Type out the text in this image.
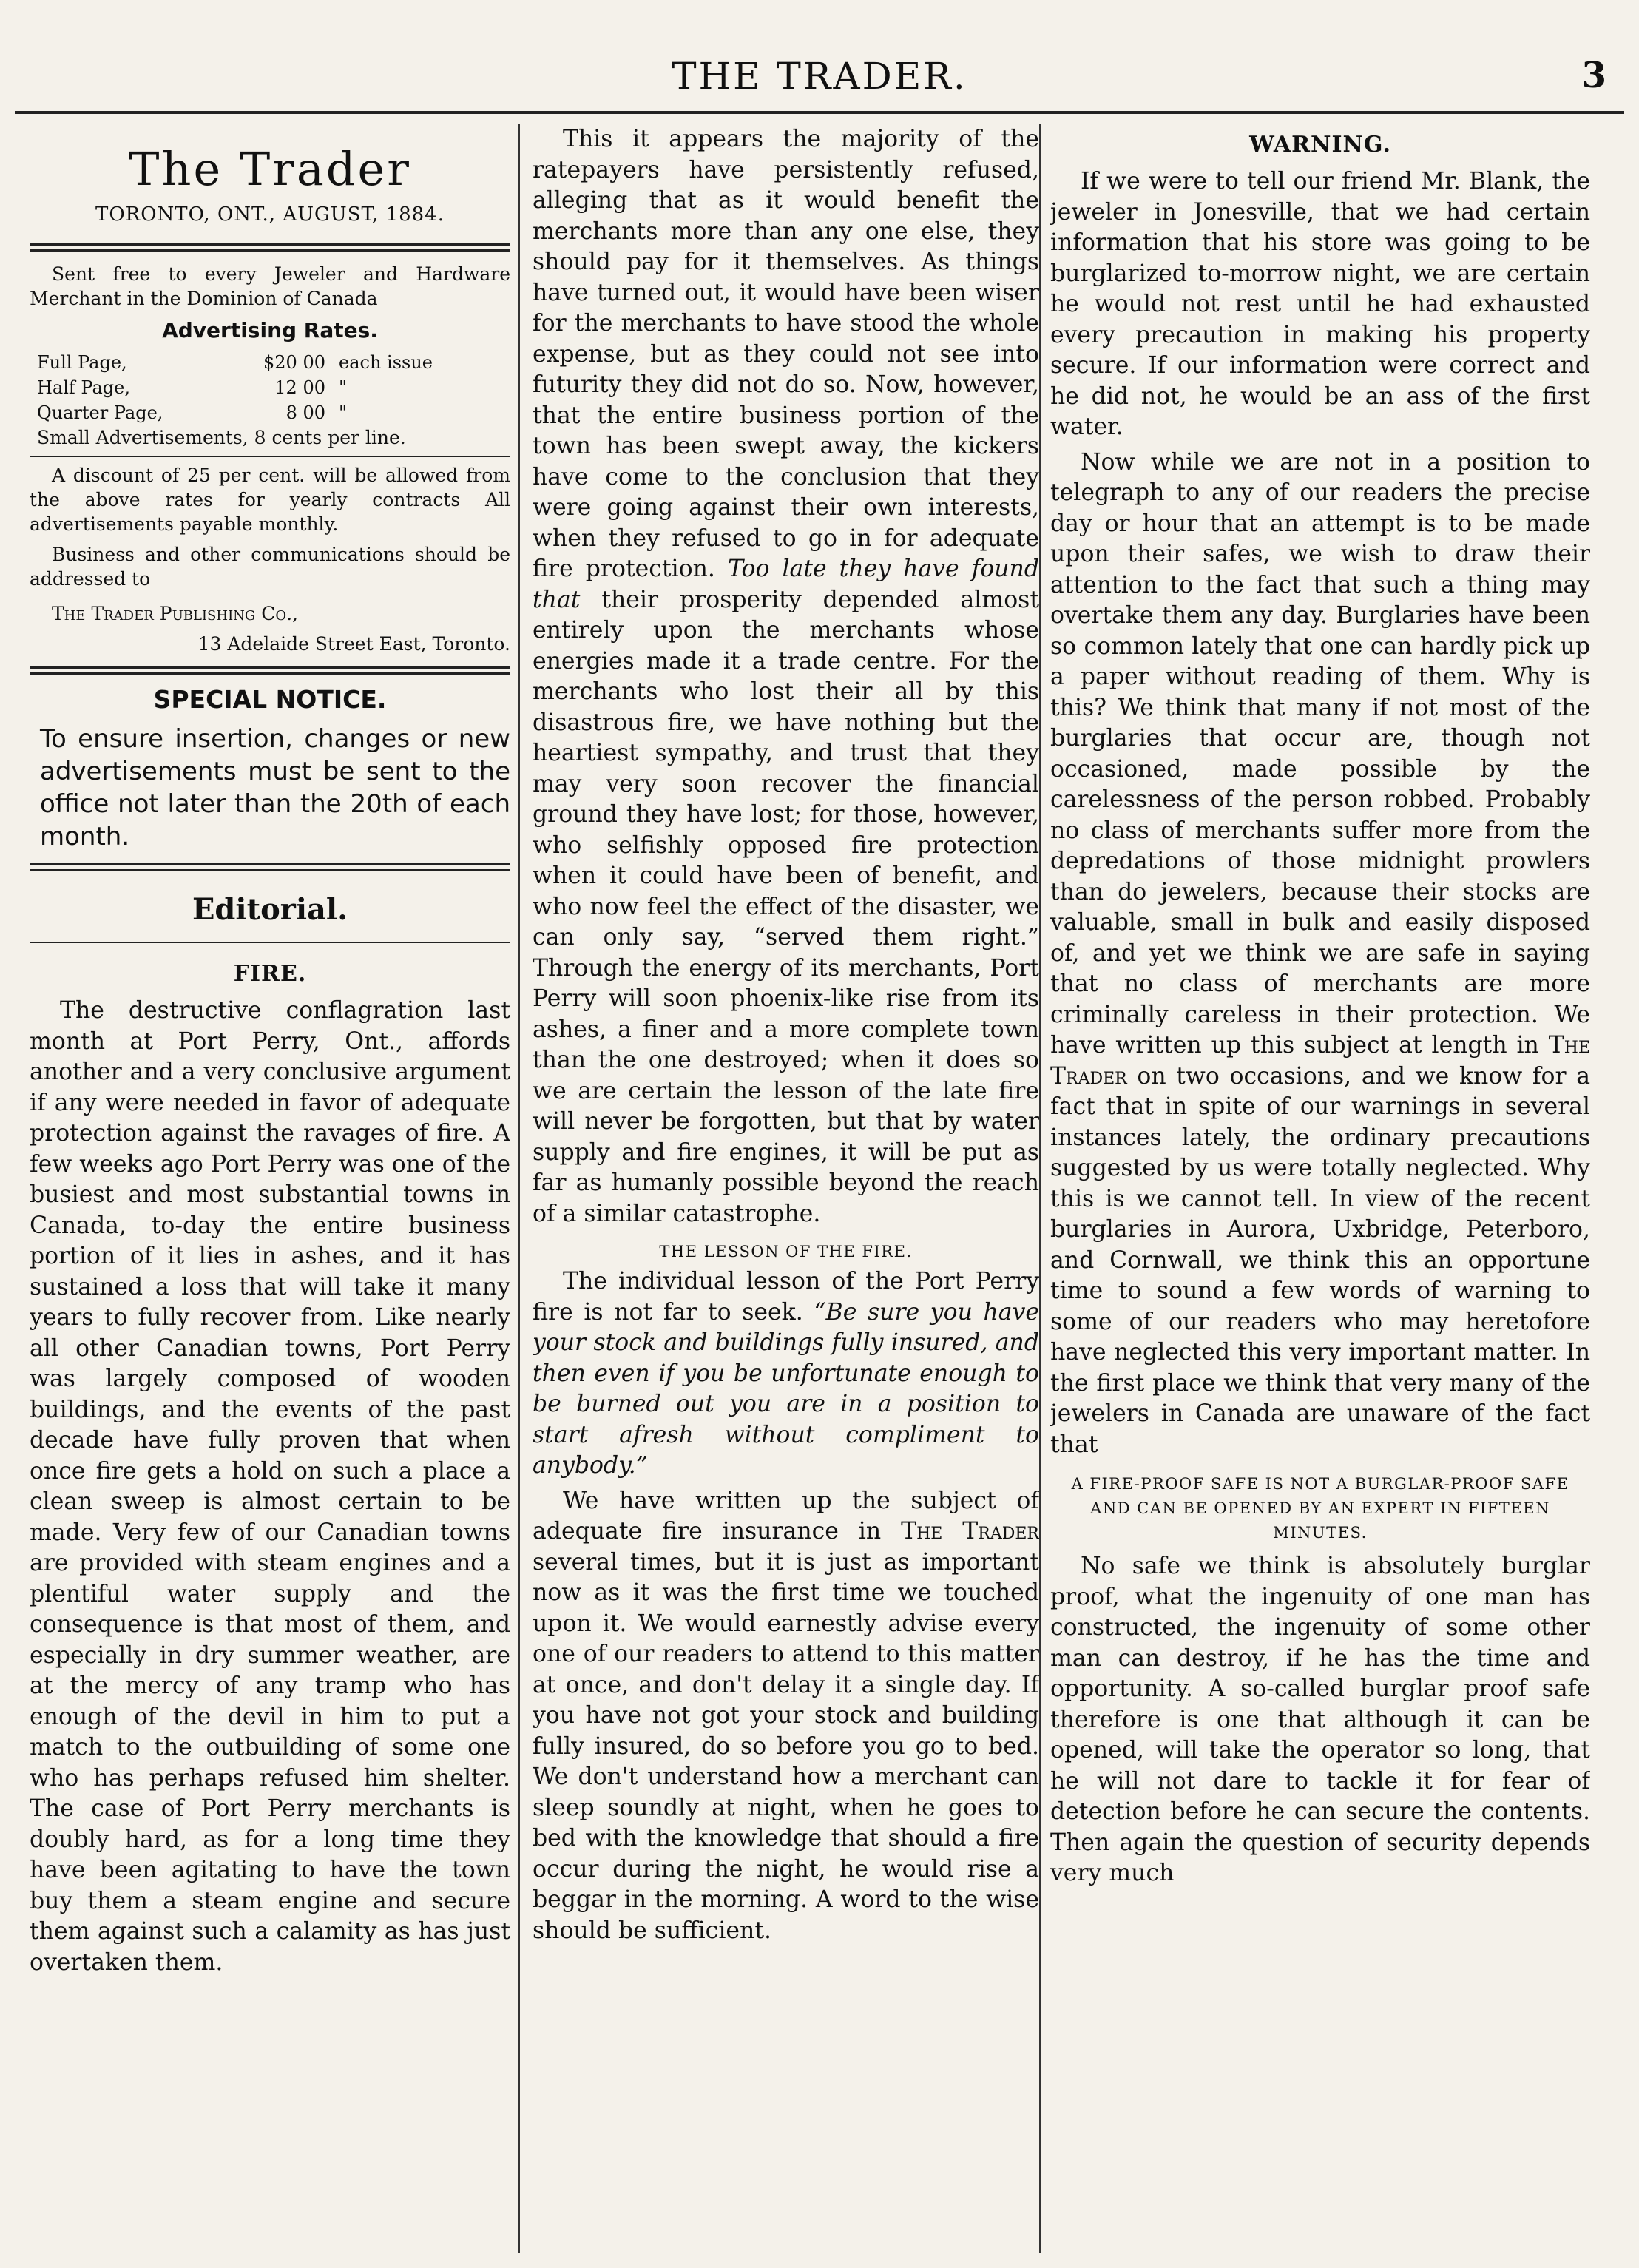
THE TRADER.	3
The Trader
TORONTO, ONT., AUGUST, 1884.
Sent free to every Jeweler and Hardware Merchant in the Dominion of Canada
Advertising Rates.
Full Page,	$20 00 each issue
Half Page,	12 00 "
Quarter Page,	8 00 "
Small Advertisements, 8 cents per line.
A discount of 25 per cent. will be allowed from the above rates for yearly contracts All advertisements payable monthly.
Business and other communications should be addressed to
The Trader Publishing Co.,
13 Adelaide Street East, Toronto.
SPECIAL NOTICE.
To ensure insertion, changes or new advertisements must be sent to the office not later than the 20th of each month.
Editorial.
FIRE.

The destructive conflagration last month at Port Perry, Ont., affords another and a very conclusive argument if any were needed in favor of adequate protection against the ravages of fire. A few weeks ago Port Perry was one of the busiest and most substantial towns in Canada, to-day the entire business portion of it lies in ashes, and it has sustained a loss that will take it many years to fully recover from. Like nearly all other Canadian towns, Port Perry was largely composed of wooden buildings, and the events of the past decade have fully proven that when once fire gets a hold on such a place a clean sweep is almost certain to be made. Very few of our Canadian towns are provided with steam engines and a plentiful water supply and the consequence is that most of them, and especially in dry summer weather, are at the mercy of any tramp who has enough of the devil in him to put a match to the outbuilding of some one who has perhaps refused him shelter. The case of Port Perry merchants is doubly hard, as for a long time they have been agitating to have the town buy them a steam engine and secure them against such a calamity as has just overtaken them.

This it appears the majority of the ratepayers have persistently refused, alleging that as it would benefit the merchants more than any one else, they should pay for it themselves. As things have turned out, it would have been wiser for the merchants to have stood the whole expense, but as they could not see into futurity they did not do so. Now, however, that the entire business portion of the town has been swept away, the kickers have come to the conclusion that they were going against their own interests, when they refused to go in for adequate fire protection. Too late they have found that their prosperity depended almost entirely upon the merchants whose energies made it a trade centre. For the merchants who lost their all by this disastrous fire, we have nothing but the heartiest sympathy, and trust that they may very soon recover the financial ground they have lost; for those, however, who selfishly opposed fire protection when it could have been of benefit, and who now feel the effect of the disaster, we can only say, “served them right.” Through the energy of its merchants, Port Perry will soon phoenix-like rise from its ashes, a finer and a more complete town than the one destroyed; when it does so we are certain the lesson of the late fire will never be forgotten, but that by water supply and fire engines, it will be put as far as humanly possible beyond the reach of a similar catastrophe.

THE LESSON OF THE FIRE.

The individual lesson of the Port Perry fire is not far to seek. “Be sure you have your stock and buildings fully insured, and then even if you be unfortunate enough to be burned out you are in a position to start afresh without compliment to anybody.”

We have written up the subject of adequate fire insurance in The Trader several times, but it is just as important now as it was the first time we touched upon it. We would earnestly advise every one of our readers to attend to this matter at once, and don't delay it a single day. If you have not got your stock and building fully insured, do so before you go to bed. We don't understand how a merchant can sleep soundly at night, when he goes to bed with the knowledge that should a fire occur during the night, he would rise a beggar in the morning. A word to the wise should be sufficient.

WARNING.

If we were to tell our friend Mr. Blank, the jeweler in Jonesville, that we had certain information that his store was going to be burglarized to-morrow night, we are certain he would not rest until he had exhausted every precaution in making his property secure. If our information were correct and he did not, he would be an ass of the first water.

Now while we are not in a position to telegraph to any of our readers the precise day or hour that an attempt is to be made upon their safes, we wish to draw their attention to the fact that such a thing may overtake them any day. Burglaries have been so common lately that one can hardly pick up a paper without reading of them. Why is this? We think that many if not most of the burglaries that occur are, though not occasioned, made possible by the carelessness of the person robbed. Probably no class of merchants suffer more from the depredations of those midnight prowlers than do jewelers, because their stocks are valuable, small in bulk and easily disposed of, and yet we think we are safe in saying that no class of merchants are more criminally careless in their protection. We have written up this subject at length in The Trader on two occasions, and we know for a fact that in spite of our warnings in several instances lately, the ordinary precautions suggested by us were totally neglected. Why this is we cannot tell. In view of the recent burglaries in Aurora, Uxbridge, Peterboro, and Cornwall, we think this an opportune time to sound a few words of warning to some of our readers who may heretofore have neglected this very important matter. In the first place we think that very many of the jewelers in Canada are unaware of the fact that

A FIRE-PROOF SAFE IS NOT A BURGLAR-PROOF SAFE AND CAN BE OPENED BY AN EXPERT IN FIFTEEN MINUTES.

No safe we think is absolutely burglar proof, what the ingenuity of one man has constructed, the ingenuity of some other man can destroy, if he has the time and opportunity. A so-called burglar proof safe therefore is one that although it can be opened, will take the operator so long, that he will not dare to tackle it for fear of detection before he can secure the contents. Then again the question of security depends very much
